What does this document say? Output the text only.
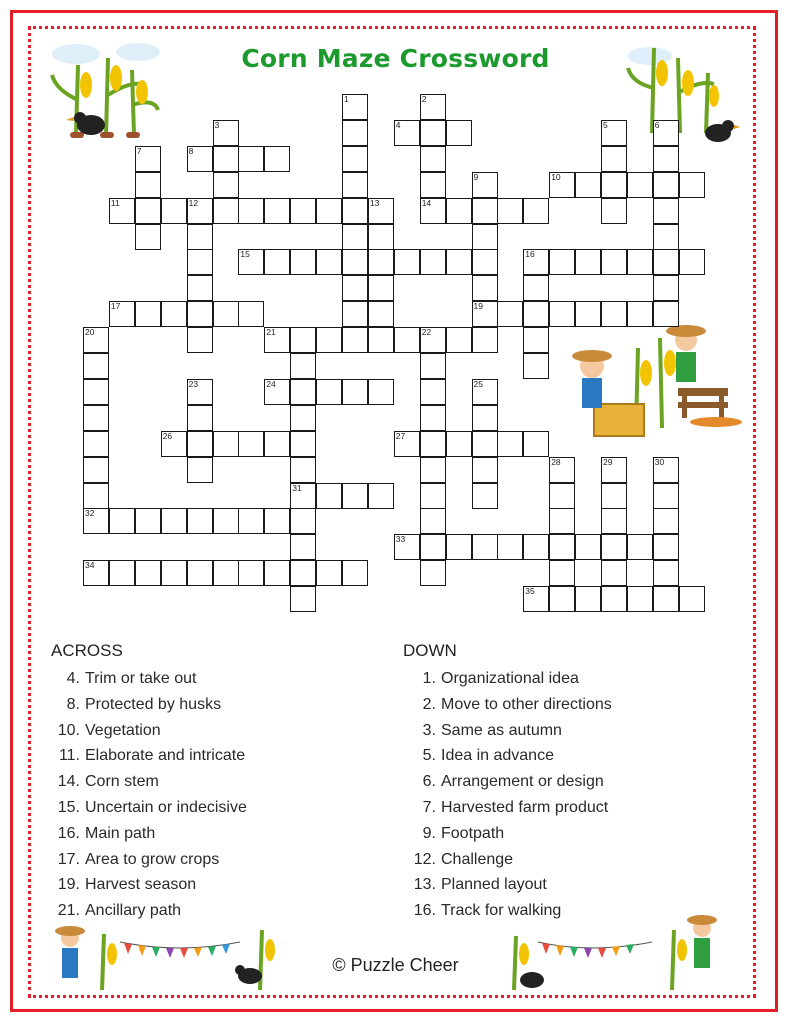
Corn Maze Crossword
1	2
14
3	5	6
7
9
19
16
20
32
31
22
23	25
28	29	30
4
8
10
11	12	13
15
17
21
24
26	27
33
34
35
ACROSS	DOWN
4. Trim or take out
8. Protected by husks
10. Vegetation
11. Elaborate and intricate
14. Corn stem
15. Uncertain or indecisive
16. Main path
17. Area to grow crops
19. Harvest season
21. Ancillary path
1. Organizational idea
2. Move to other directions
3. Same as autumn
5. Idea in advance
6. Arrangement or design
7. Harvested farm product
9. Footpath
12. Challenge
13. Planned layout
16. Track for walking
© Puzzle Cheer
